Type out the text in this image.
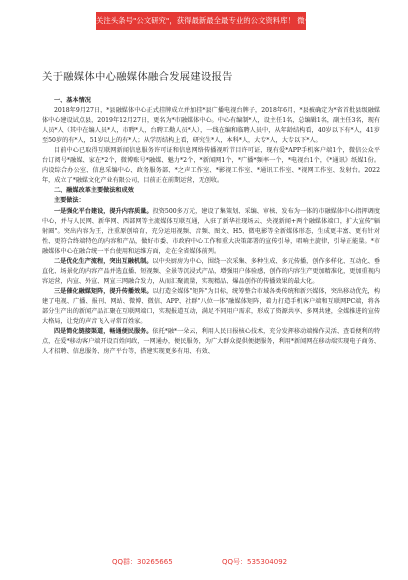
关注头条号"公文研究"，获得最新最全最专业的公文资料库！ 微信：gongwenxs
关于融媒体中心融媒体融合发展建设报告

一、基本情况

2018年9月27日，*县融媒体中心正式挂牌成立并加挂*县广播电视台牌子，2018年6月，*县被确定为*省首批县级融媒体中心建设试点县，2019年12月27日，更名为*市融媒体中心。中心有编制*人，设主任1名，总编辑1名，副主任3名，现有人员*人（其中在编人员*人，市聘*人，台聘工勤人员*人），一线在编和临聘人员中，从年龄结构看，40岁以下有*人，41岁至50岁的有*人，51岁以上的有*人；从学历结构上看，研究生*人，本科*人，大专*人，大专以下*人。

目前中心已取得互联网新闻信息服务许可证和信息网络传播视听节目许可证，现有爱*APP手机客户端1个，微信公众平台订阅号*融媒、家在*2个，微博账号*融媒、魅力*2个，*新闻网1个，*广播*频率一个，*电视台1个，《*通讯》纸媒1份。内设综合办公室、信息采编中心、政务服务部、*之声工作室、*影视工作室、*通讯工作室、*视网工作室、发射台。2022年，成立了*融媒文化产业有限公司，目前正在前期运营，无创收。

二、融媒改革主要做法和成效

主要做法：

一是强化平台建设，提升内容质量。投资500多万元，建设了集策划、采编、审核、发布为一体的市融媒体中心指挥调度中心，并与人民网、新华网、西部网等主流媒体互联互通，入驻了新华社现场云、央视新闻+两个融媒体端口，扩大宣传"辐射圈"。突出内容为王，注重原创培育，充分运用视频、音频、图文、H5、微电影等全新媒体形态，生成更丰富、更有针对性、更符合终端特色的内容和产品，做好市委、市政府中心工作和重大决策部署的宣传引导，唱响主旋律，引导正能量。*市融媒体中心在融合统一平台使用和运维方面，走在全省媒体前列。

二是优化生产流程，突出互融机制。以中央厨房为中心，围绕一次采集、多种生成、多元传播，创作多样化、互动化、垂直化、场景化的内容产品并选直播、短视频、全景等沉浸式产品，增强用户体验感，创作的内容生产更加精准化，更加重视内容运营，内宣、外宣、网宣三网融合发力，从而汇聚流量，实现精品、爆品创作的传播效果的最大化。

三是催化融媒矩阵，提升传播效果。以打造全媒体"矩阵"为目标，统筹整合市域各类传统和新兴媒体，突出移动优先，构建了电视、广播、报刊、网站、微博、微信、APP、社群"八位一体"融媒体矩阵，着力打造手机客户端和互联网PC端，将各部分生产出的新闻产品汇聚在互联网端口，实现报道互动，满足不同用户需求，形成了资源共享、多网共建，全媒推进的宣传大格局，让党的声音飞入寻常百姓家。

四是简化链接渠道，畅通便民服务。依托*融*一朵云，利用人民日报核心技术，充分发挥移动端操作灵活、查看便利的特点，在爱*移动客户端开设百姓问政，一网通办，便民服务，为广大群众提供便捷服务，利用*新闻网在移动端实现电子商务、人才招聘、信息服务、房产平台等，搭建实现更多有用、有效、

QQ群：30265665	QQ号：535304092
